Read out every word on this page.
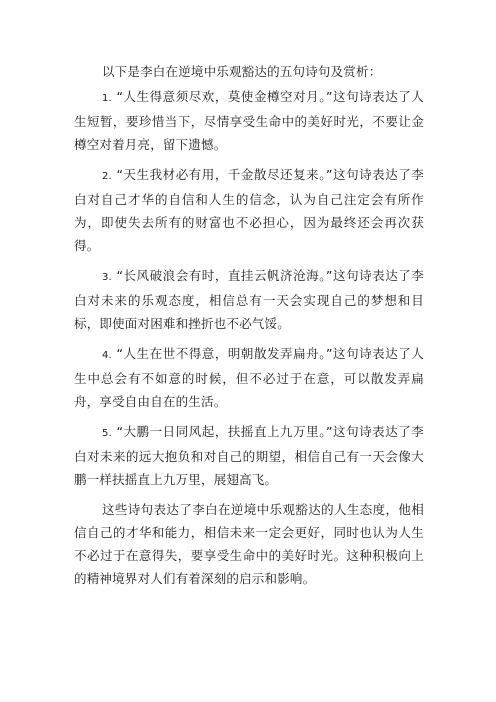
以下是李白在逆境中乐观豁达的五句诗句及赏析：

1. “人生得意须尽欢，莫使金樽空对月。”这句诗表达了人生短暂，要珍惜当下，尽情享受生命中的美好时光，不要让金樽空对着月亮，留下遗憾。

2. “天生我材必有用，千金散尽还复来。”这句诗表达了李白对自己才华的自信和人生的信念，认为自己注定会有所作为，即使失去所有的财富也不必担心，因为最终还会再次获得。

3. “长风破浪会有时，直挂云帆济沧海。”这句诗表达了李白对未来的乐观态度，相信总有一天会实现自己的梦想和目标，即使面对困难和挫折也不必气馁。

4. “人生在世不得意，明朝散发弄扁舟。”这句诗表达了人生中总会有不如意的时候，但不必过于在意，可以散发弄扁舟，享受自由自在的生活。

5. “大鹏一日同风起，扶摇直上九万里。”这句诗表达了李白对未来的远大抱负和对自己的期望，相信自己有一天会像大鹏一样扶摇直上九万里，展翅高飞。

这些诗句表达了李白在逆境中乐观豁达的人生态度，他相信自己的才华和能力，相信未来一定会更好，同时也认为人生不必过于在意得失，要享受生命中的美好时光。这种积极向上的精神境界对人们有着深刻的启示和影响。
